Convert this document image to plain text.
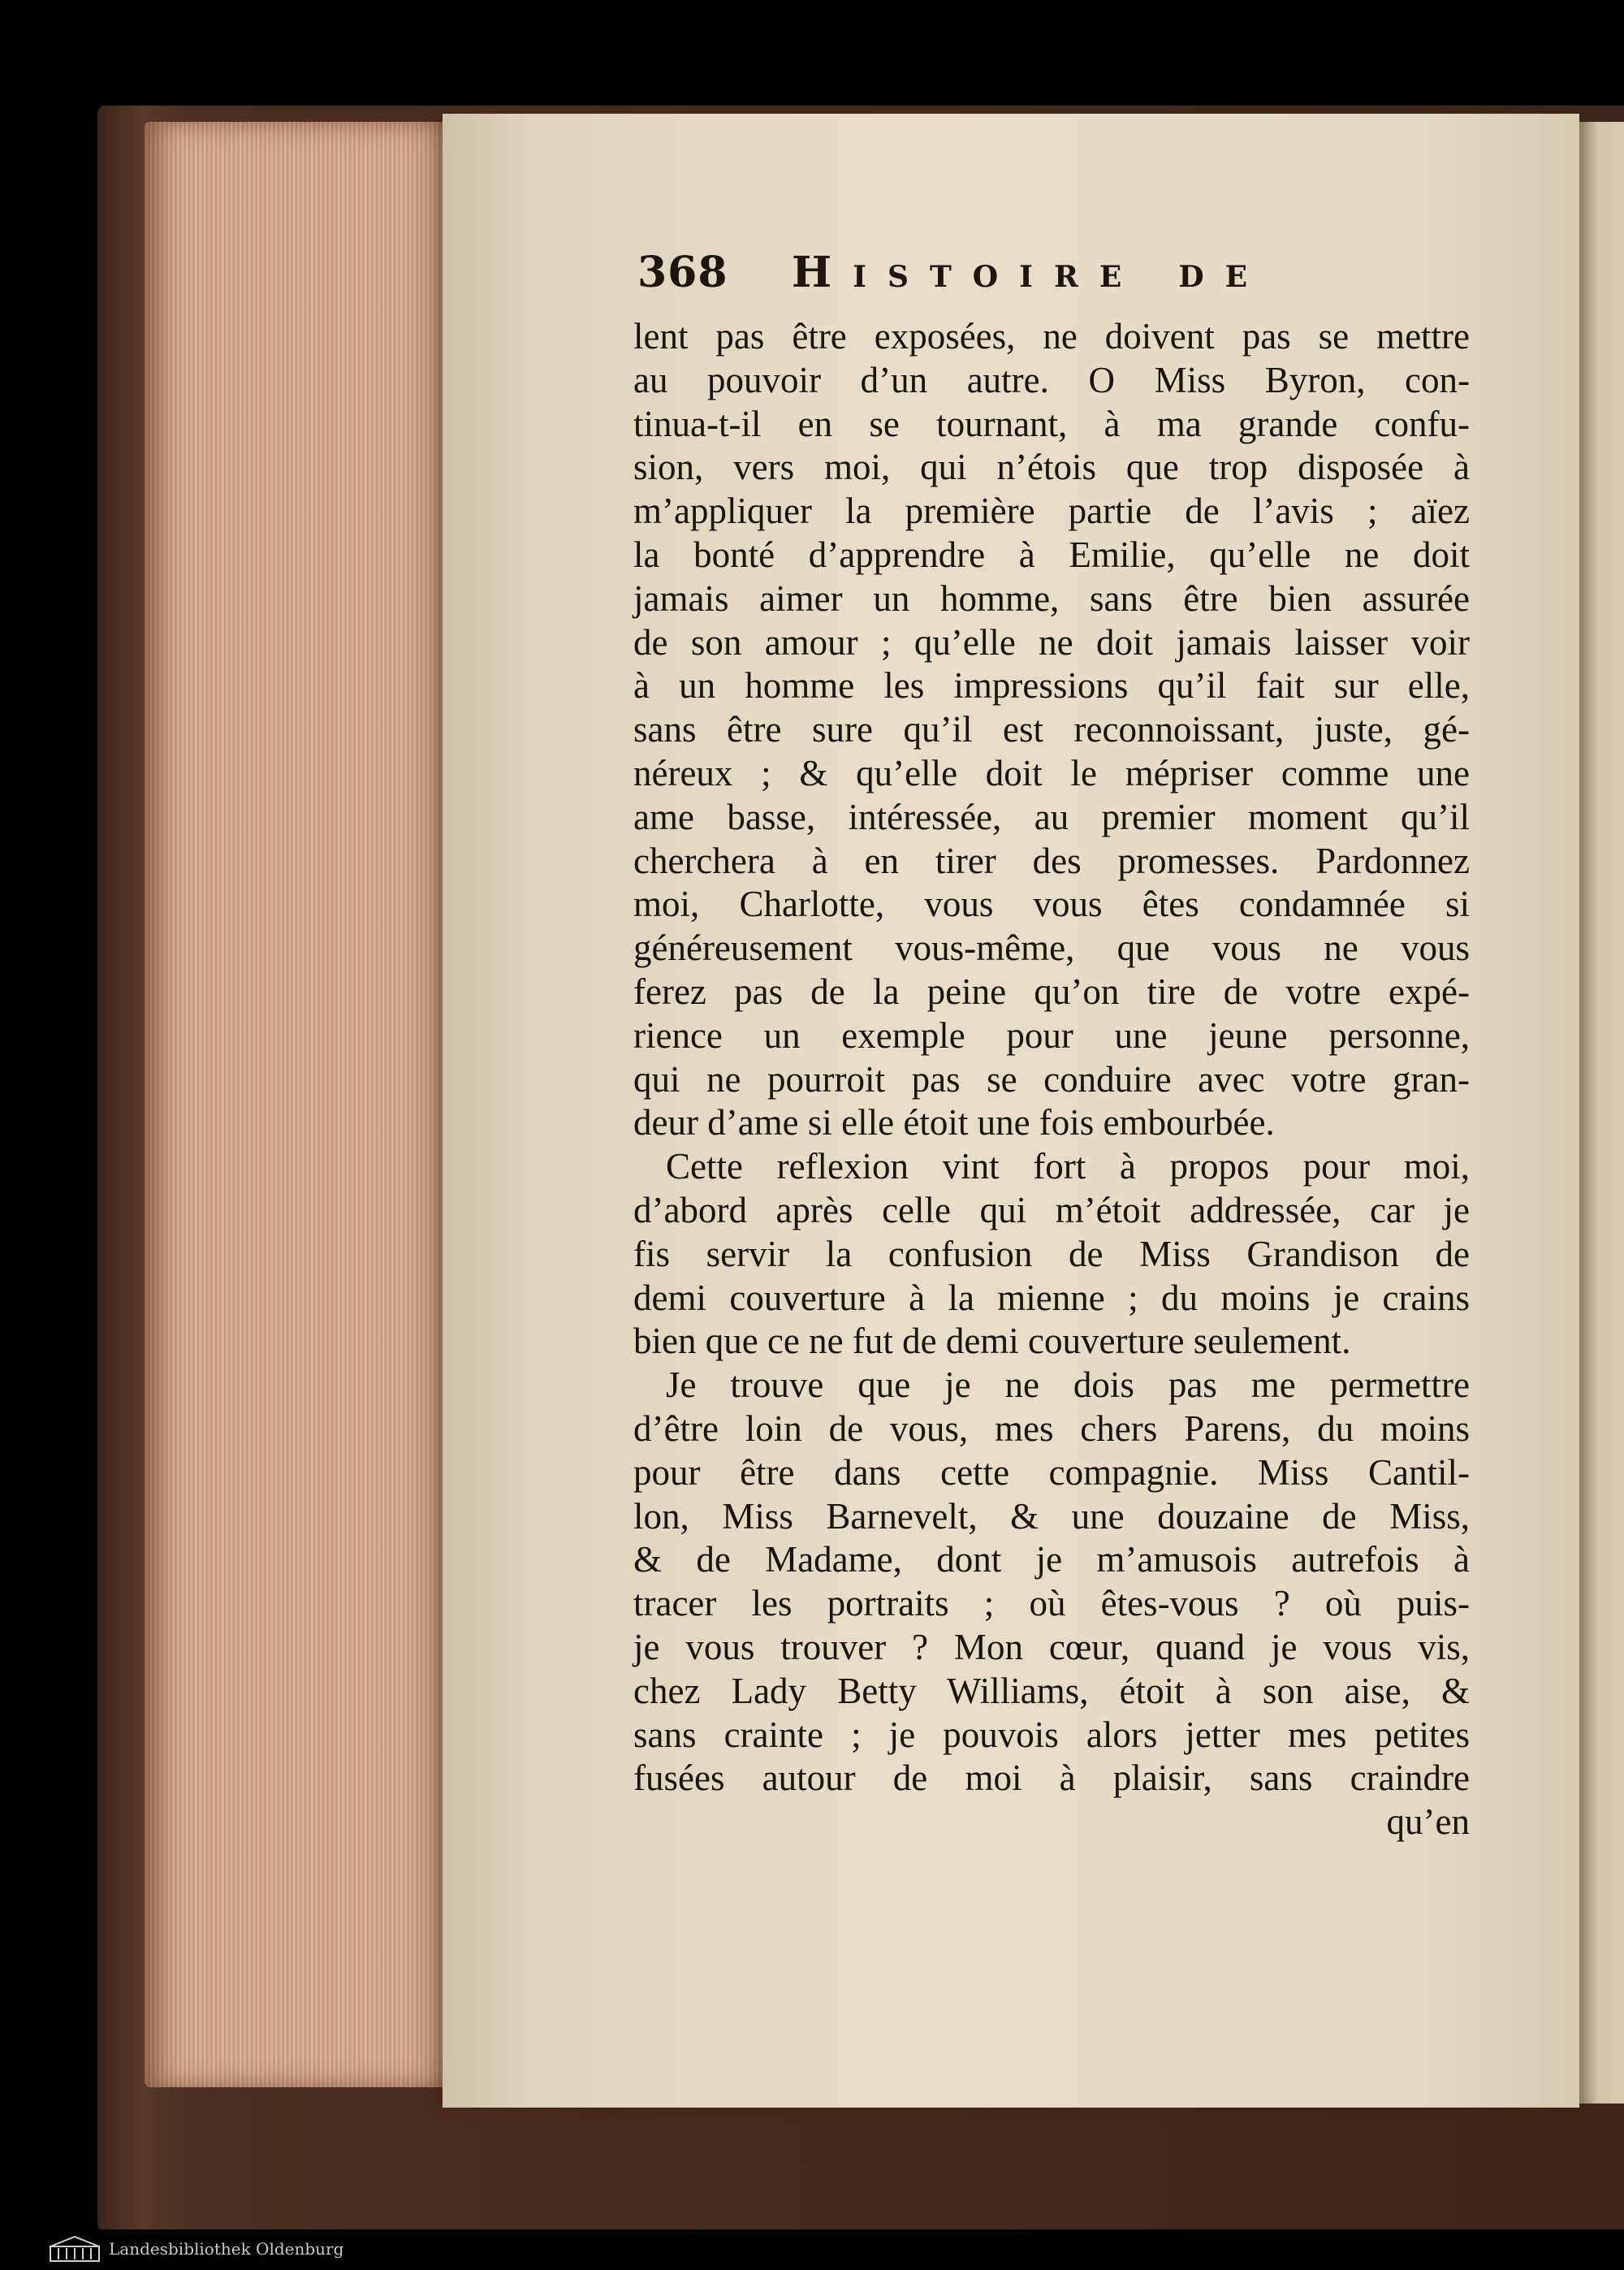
368 Histoire de
lent pas être exposées, ne doivent pas se mettre
au pouvoir d’un autre. O Miss Byron, con-
tinua-t-il en se tournant, à ma grande confu-
sion, vers moi, qui n’étois que trop disposée à
m’appliquer la première partie de l’avis ; aïez
la bonté d’apprendre à Emilie, qu’elle ne doit
jamais aimer un homme, sans être bien assurée
de son amour ; qu’elle ne doit jamais laisser voir
à un homme les impressions qu’il fait sur elle,
sans être sure qu’il est reconnoissant, juste, gé-
néreux ; & qu’elle doit le mépriser comme une
ame basse, intéressée, au premier moment qu’il
cherchera à en tirer des promesses. Pardonnez
moi, Charlotte, vous vous êtes condamnée si
généreusement vous-même, que vous ne vous
ferez pas de la peine qu’on tire de votre expé-
rience un exemple pour une jeune personne,
qui ne pourroit pas se conduire avec votre gran-
deur d’ame si elle étoit une fois embourbée.
Cette reflexion vint fort à propos pour moi,
d’abord après celle qui m’étoit addressée, car je
fis servir la confusion de Miss Grandison de
demi couverture à la mienne ; du moins je crains
bien que ce ne fut de demi couverture seulement.
Je trouve que je ne dois pas me permettre
d’être loin de vous, mes chers Parens, du moins
pour être dans cette compagnie. Miss Cantil-
lon, Miss Barnevelt, & une douzaine de Miss,
& de Madame, dont je m’amusois autrefois à
tracer les portraits ; où êtes-vous ? où puis-
je vous trouver ? Mon cœur, quand je vous vis,
chez Lady Betty Williams, étoit à son aise, &
sans crainte ; je pouvois alors jetter mes petites
fusées autour de moi à plaisir, sans craindre
qu’en
Landesbibliothek Oldenburg
